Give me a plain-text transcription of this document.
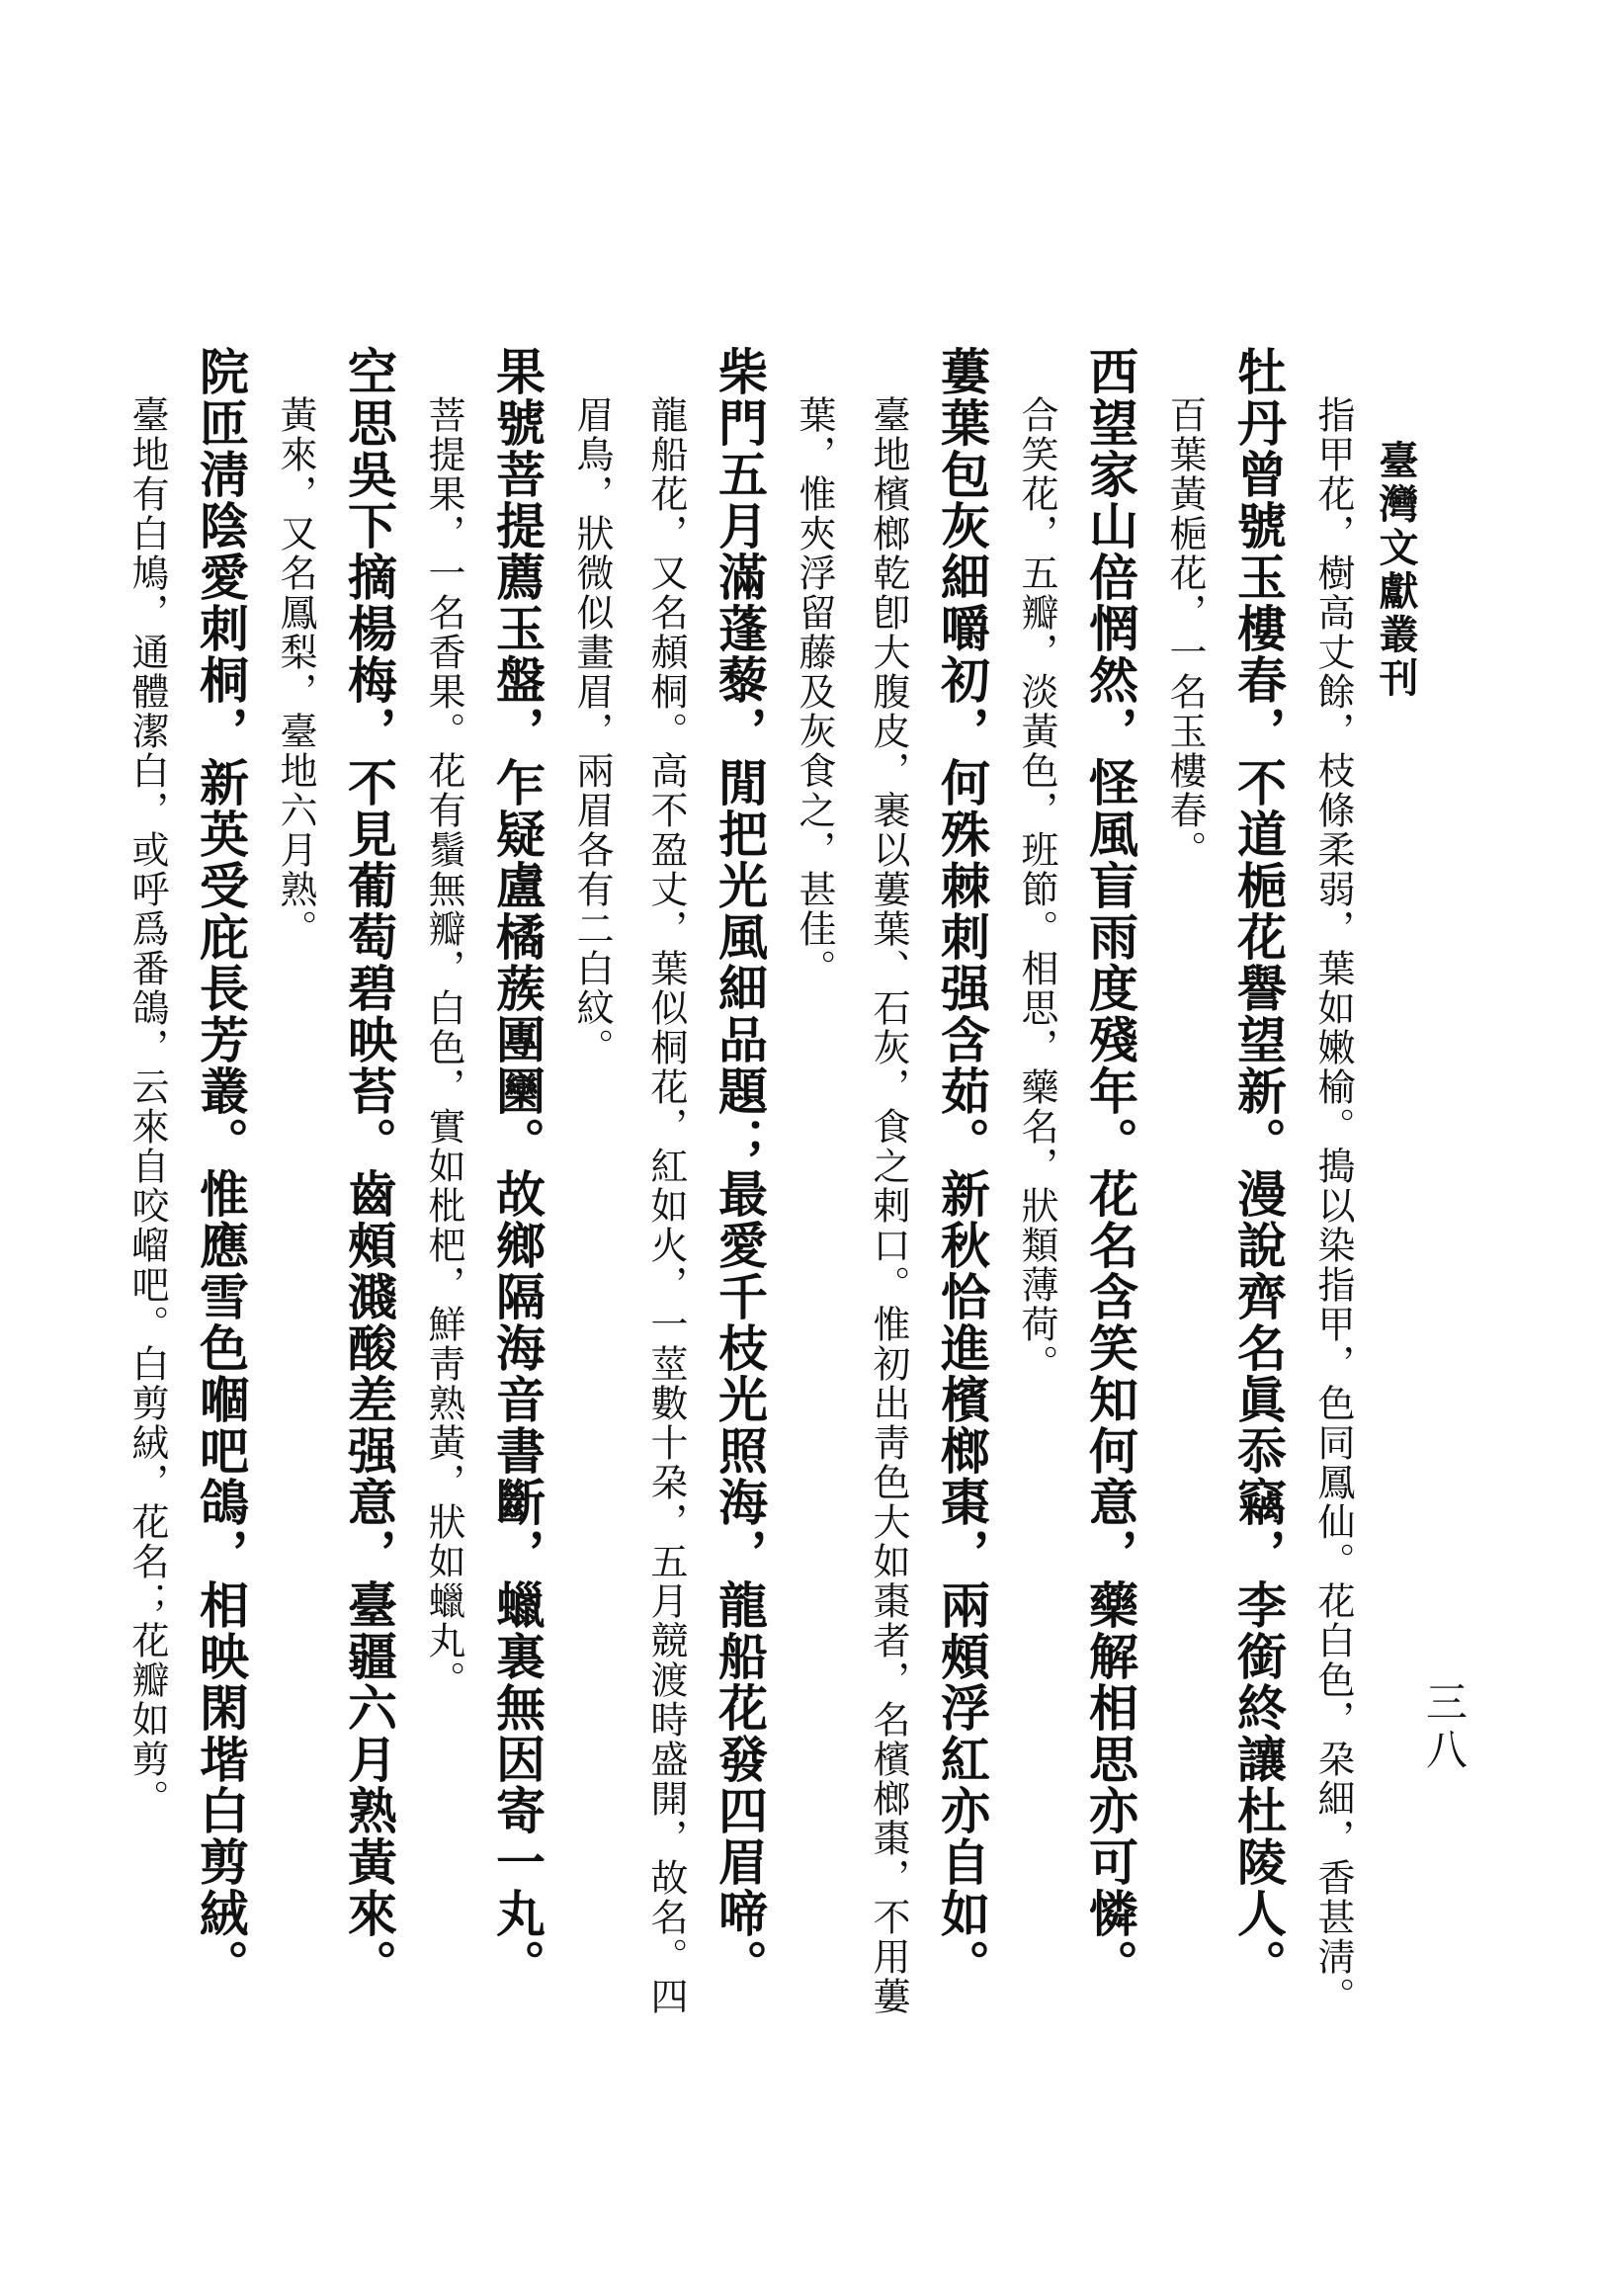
臺灣文獻叢刊
三八

指甲花，樹高丈餘，枝條柔弱，葉如嫩榆。搗以染指甲，色同鳳仙。花白色，朶細，香甚淸。

牡丹曾號玉樓春，不道梔花譽望新。漫說齊名眞忝竊，李銜終讓杜陵人。

百葉黃梔花，一名玉樓春。

西望家山倍惘然，怪風盲雨度殘年。花名含笑知何意，藥解相思亦可憐。

合笑花，五瓣，淡黃色，班節。相思，藥名，狀類薄荷。

蔞葉包灰細嚼初，何殊棘刺强含茹。新秋恰進檳榔棗，兩頰浮紅亦自如。

臺地檳榔乾卽大腹皮，裹以蔞葉、石灰，食之剌口。惟初出靑色大如棗者，名檳榔棗，不用蔞

葉，惟夾浮留藤及灰食之，甚佳。

柴門五月滿蓬藜，閒把光風細品題；最愛千枝光照海，龍船花發四眉啼。

龍船花，又名頳桐。高不盈丈，葉似桐花，紅如火，一莖數十朶，五月競渡時盛開，故名。四

眉鳥，狀微似畫眉，兩眉各有二白紋。

果號菩提薦玉盤，乍疑盧橘蔟團圞。故鄉隔海音書斷，蠟裏無因寄一丸。

菩提果，一名香果。花有鬚無瓣，白色，實如枇杷，鮮靑熟黃，狀如蠟丸。

空思吳下摘楊梅，不見葡萄碧映苔。齒頰濺酸差强意，臺疆六月熟黃來。

黃來，又名鳳梨，臺地六月熟。

院匝淸陰愛刺桐，新英受庇長芳叢。惟應雪色嗰吧鴿，相映閑堦白剪絨。

臺地有白鳩，通體潔白，或呼爲番鴿，云來自咬嵧吧。白剪絨，花名；花瓣如剪。
